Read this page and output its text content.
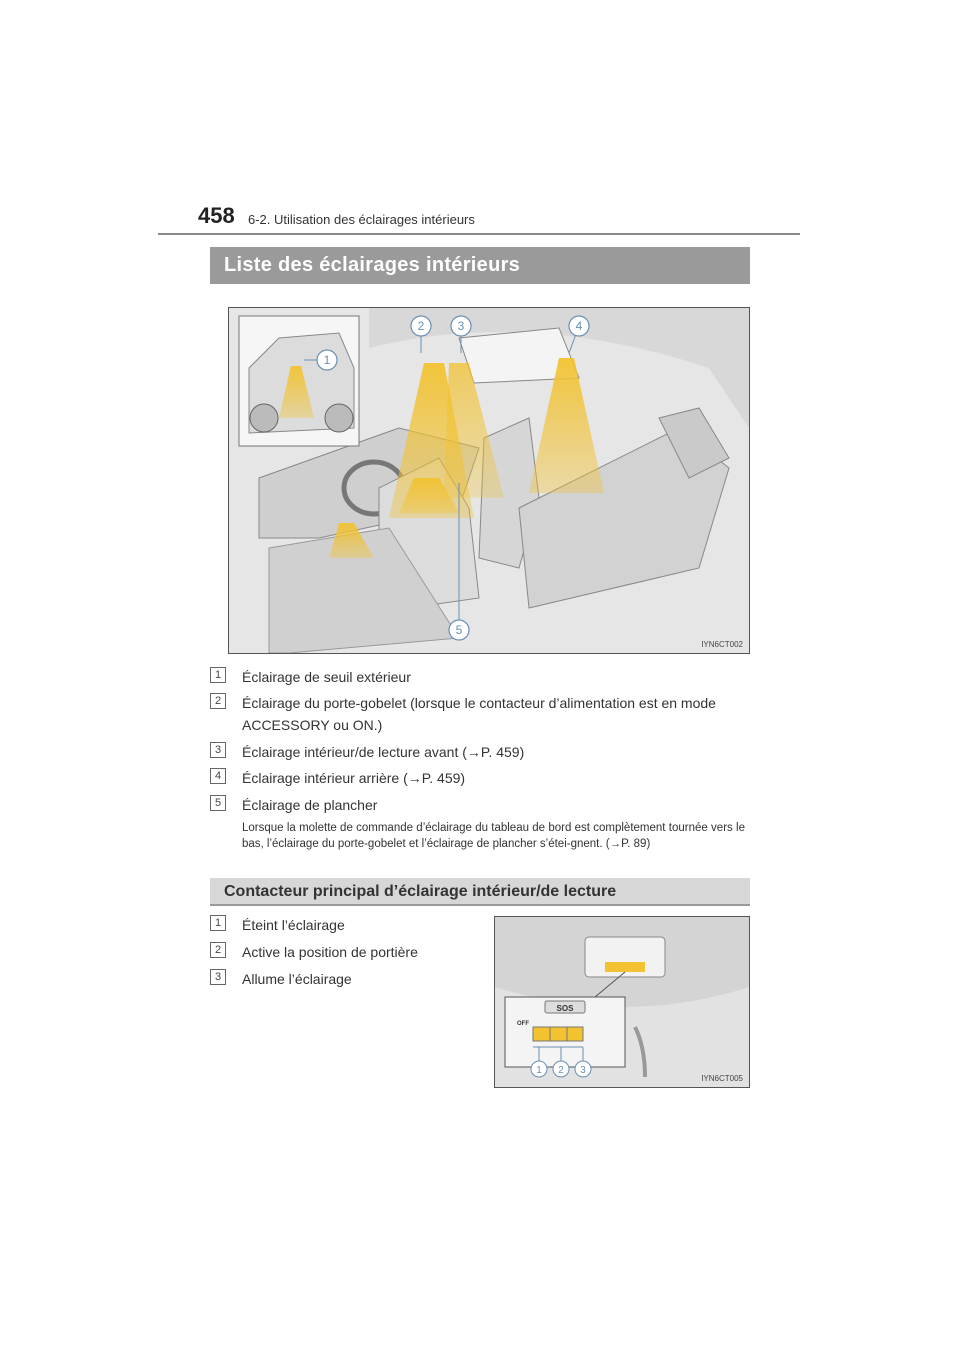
458 6-2. Utilisation des éclairages intérieurs
Liste des éclairages intérieurs
1
2	3	4
5
IYN6CT002
1	Éclairage de seuil extérieur
2	Éclairage du porte-gobelet (lorsque le contacteur d’alimentation est en mode
ACCESSORY ou ON.)
3	Éclairage intérieur/de lecture avant (→P. 459)
4	Éclairage intérieur arrière (→P. 459)
5	Éclairage de plancher
Lorsque la molette de commande d’éclairage du tableau de bord est complètement tournée vers le bas, l’éclairage du porte-gobelet et l’éclairage de plancher s’étei-gnent. (→P. 89)
Contacteur principal d’éclairage intérieur/de lecture
1	Éteint l’éclairage
2	Active la position de portière
3	Allume l’éclairage
SOS
OFF
1 2 3
IYN6CT005
